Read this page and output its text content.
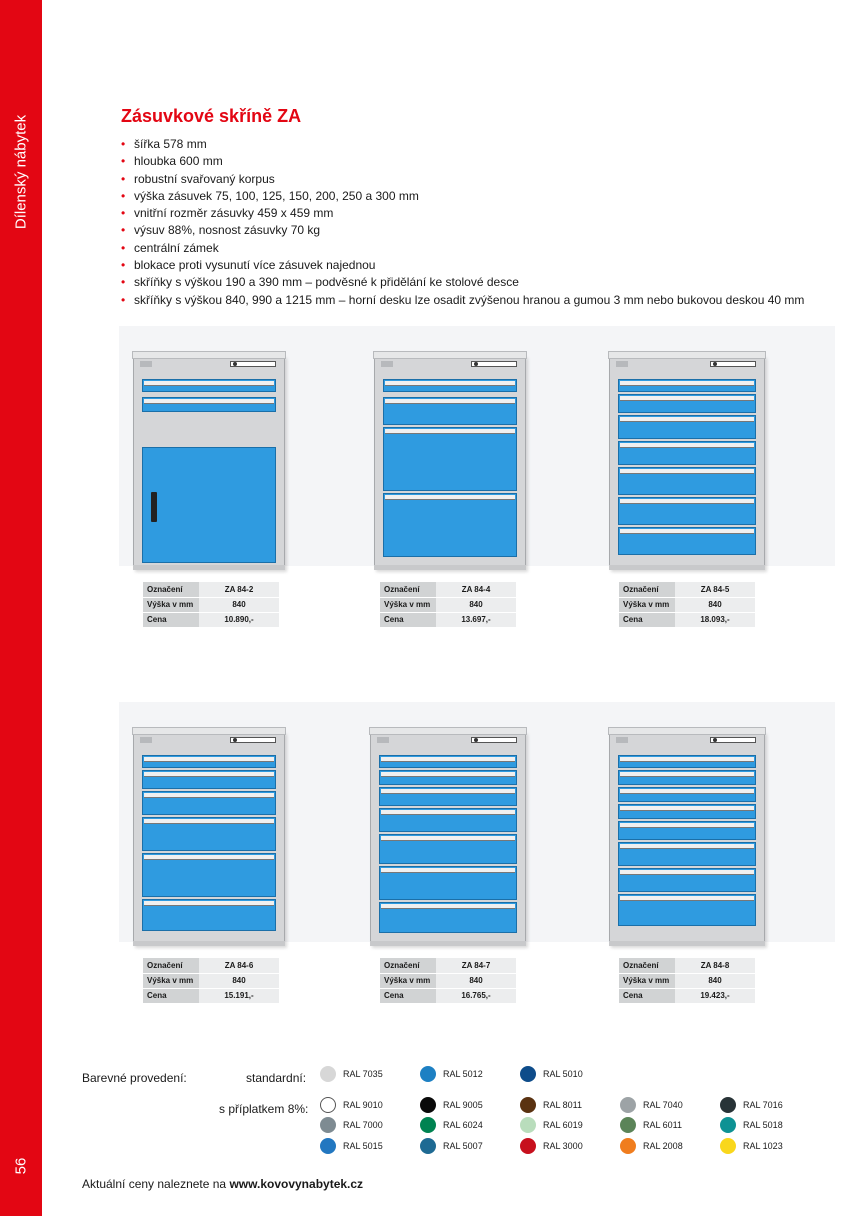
Dílenský nábytek
56
Zásuvkové skříně ZA
• šířka 578 mm
• hloubka 600 mm
• robustní svařovaný korpus
• výška zásuvek 75, 100, 125, 150, 200, 250 a 300 mm
• vnitřní rozměr zásuvky 459 x 459 mm
• výsuv 88%, nosnost zásuvky 70 kg
• centrální zámek
• blokace proti vysunutí více zásuvek najednou
• skříňky s výškou 190 a 390 mm – podvěsné k přidělání ke stolové desce
• skříňky s výškou 840, 990 a 1215 mm – horní desku lze osadit zvýšenou hranou a gumou 3 mm nebo bukovou deskou 40 mm
Označení	ZA 84-2
Výška v mm	840
Cena	10.890,-
Označení	ZA 84-4
Výška v mm	840
Cena	13.697,-
Označení	ZA 84-5
Výška v mm	840
Cena	18.093,-
Označení	ZA 84-6
Výška v mm	840
Cena	15.191,-
Označení	ZA 84-7
Výška v mm	840
Cena	16.765,-
Označení	ZA 84-8
Výška v mm	840
Cena	19.423,-
Barevné provedení:	standardní:
s příplatkem 8%:
RAL 7035	RAL 5012	RAL 5010
RAL 9010	RAL 9005	RAL 8011	RAL 7040	RAL 7016
RAL 7000	RAL 6024	RAL 6019	RAL 6011	RAL 5018
RAL 5015	RAL 5007	RAL 3000	RAL 2008	RAL 1023
Aktuální ceny naleznete na www.kovovynabytek.cz
